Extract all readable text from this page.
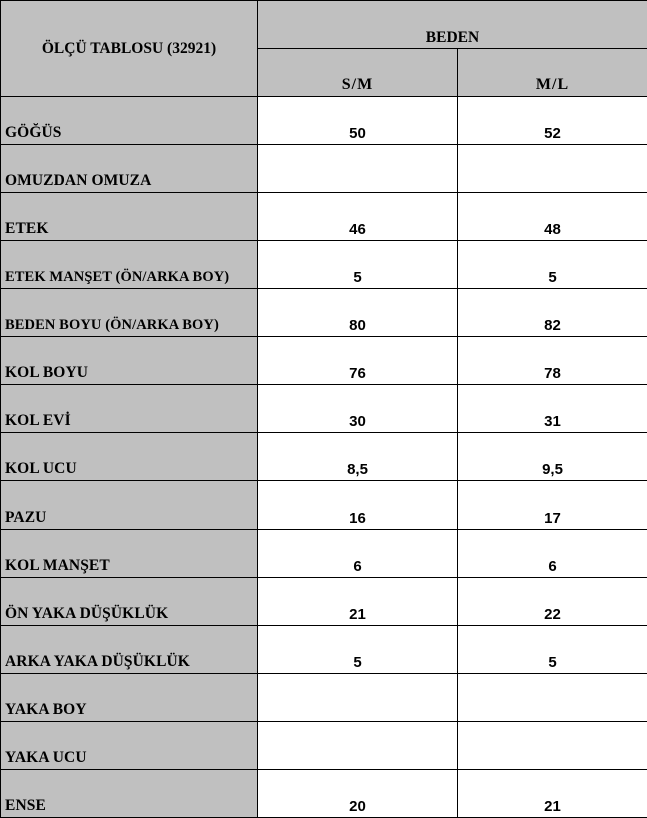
ÖLÇÜ TABLOSU (32921)	BEDEN	
	S/M	M/L
GÖĞÜS	50	52
OMUZDAN OMUZA		
ETEK	46	48
ETEK MANŞET (ÖN/ARKA BOY)	5	5
BEDEN BOYU (ÖN/ARKA BOY)	80	82
KOL BOYU	76	78
KOL EVİ	30	31
KOL UCU	8,5	9,5
PAZU	16	17
KOL MANŞET	6	6
ÖN YAKA DÜŞÜKLÜK	21	22
ARKA YAKA DÜŞÜKLÜK	5	5
YAKA BOY		
YAKA UCU		
ENSE	20	21
